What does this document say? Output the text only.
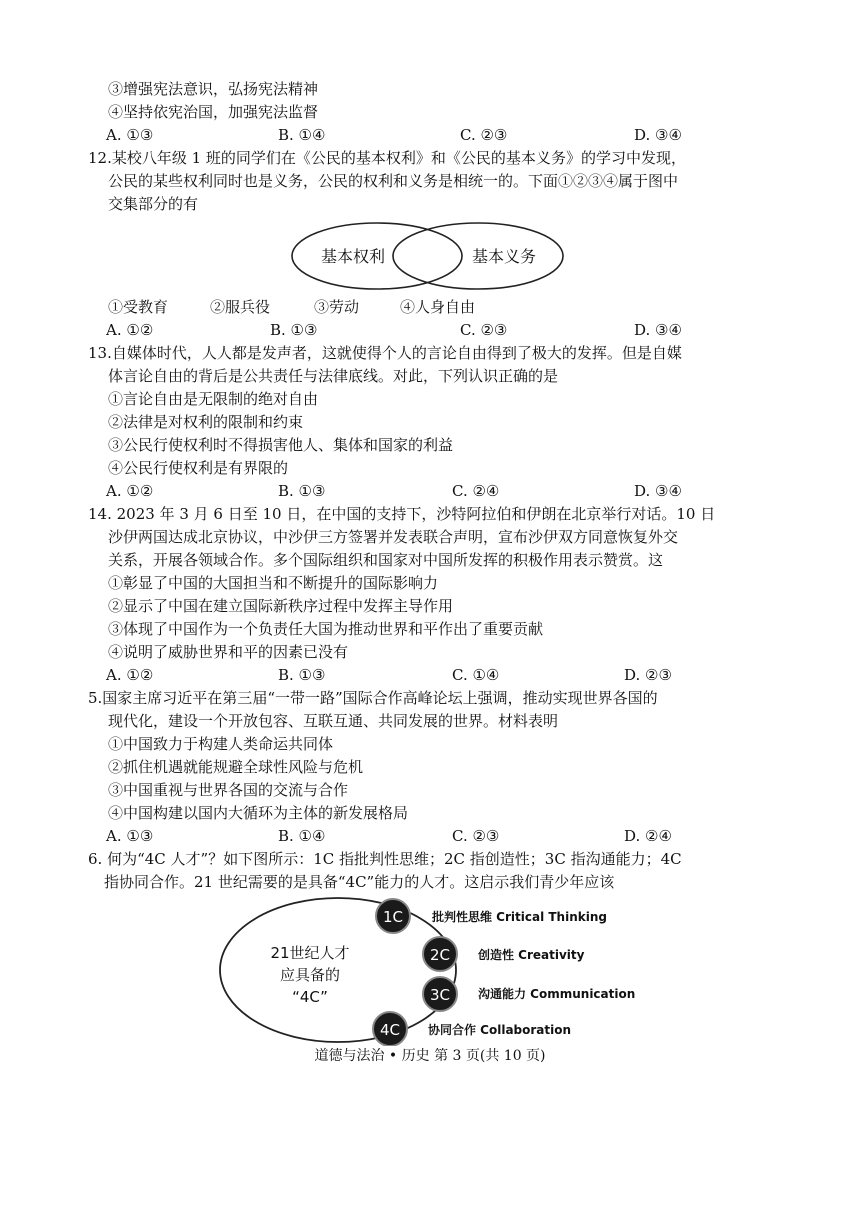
③增强宪法意识，弘扬宪法精神
④坚持依宪治国，加强宪法监督
A. ①③	B. ①④	C. ②③	D. ③④
12.某校八年级 1 班的同学们在《公民的基本权利》和《公民的基本义务》的学习中发现，
公民的某些权利同时也是义务，公民的权利和义务是相统一的。下面①②③④属于图中
交集部分的有
基本权利	基本义务
①受教育	②服兵役	③劳动	④人身自由
A. ①②	B. ①③	C. ②③	D. ③④
13.自媒体时代，人人都是发声者，这就使得个人的言论自由得到了极大的发挥。但是自媒
体言论自由的背后是公共责任与法律底线。对此，下列认识正确的是
①言论自由是无限制的绝对自由
②法律是对权利的限制和约束
③公民行使权利时不得损害他人、集体和国家的利益
④公民行使权利是有界限的
A. ①②	B. ①③	C. ②④	D. ③④
14. 2023 年 3 月 6 日至 10 日，在中国的支持下，沙特阿拉伯和伊朗在北京举行对话。10 日
沙伊两国达成北京协议，中沙伊三方签署并发表联合声明，宣布沙伊双方同意恢复外交
关系，开展各领域合作。多个国际组织和国家对中国所发挥的积极作用表示赞赏。这
①彰显了中国的大国担当和不断提升的国际影响力
②显示了中国在建立国际新秩序过程中发挥主导作用
③体现了中国作为一个负责任大国为推动世界和平作出了重要贡献
④说明了威胁世界和平的因素已没有
A. ①②	B. ①③	C. ①④	D. ②③
5.国家主席习近平在第三届“一带一路”国际合作高峰论坛上强调，推动实现世界各国的
现代化，建设一个开放包容、互联互通、共同发展的世界。材料表明
①中国致力于构建人类命运共同体
②抓住机遇就能规避全球性风险与危机
③中国重视与世界各国的交流与合作
④中国构建以国内大循环为主体的新发展格局
A. ①③	B. ①④	C. ②③	D. ②④
6. 何为“4C 人才”？如下图所示：1C 指批判性思维；2C 指创造性；3C 指沟通能力；4C
指协同合作。21 世纪需要的是具备“4C”能力的人才。这启示我们青少年应该
21世纪人才
应具备的
“4C”
1C 批判性思维 Critical Thinking
2C 创造性 Creativity
3C 沟通能力 Communication
4C 协同合作 Collaboration
道德与法治 • 历史 第 3 页(共 10 页)
